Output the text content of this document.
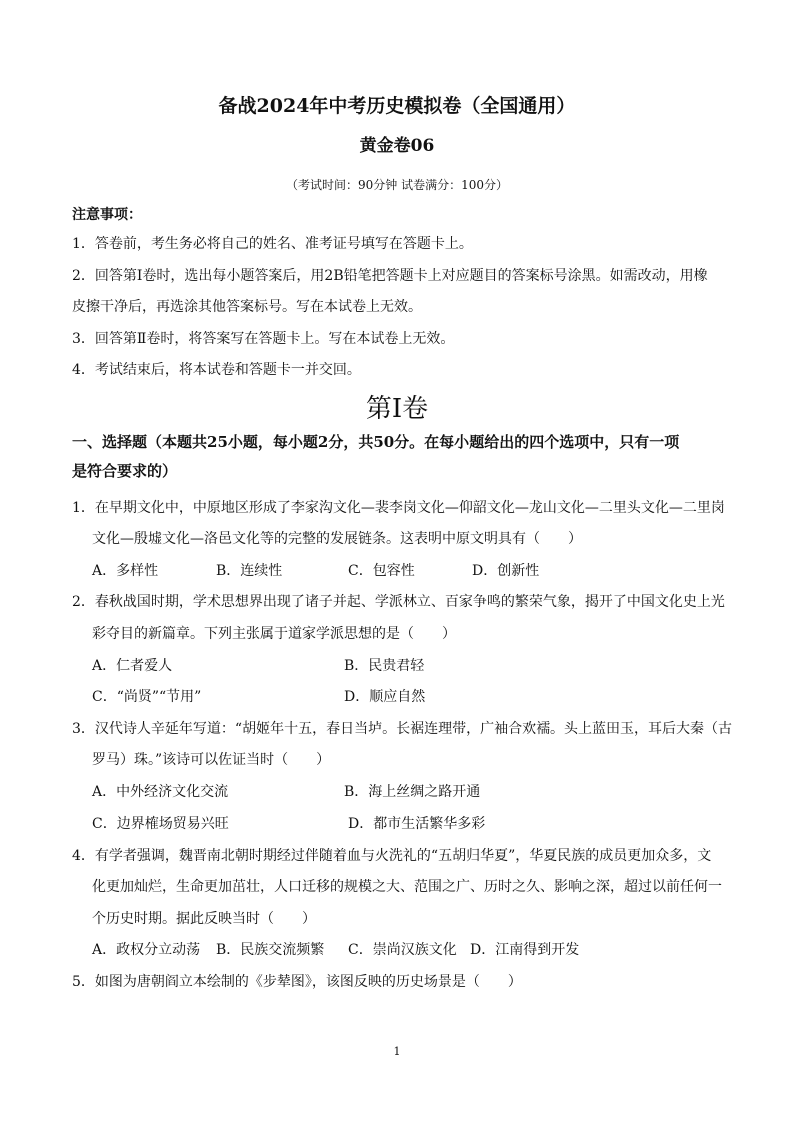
备战2024年中考历史模拟卷（全国通用）
黄金卷06
（考试时间：90分钟 试卷满分：100分）
注意事项：
1．答卷前，考生务必将自己的姓名、准考证号填写在答题卡上。
2．回答第Ⅰ卷时，选出每小题答案后，用2B铅笔把答题卡上对应题目的答案标号涂黑。如需改动，用橡
皮擦干净后，再选涂其他答案标号。写在本试卷上无效。
3．回答第Ⅱ卷时，将答案写在答题卡上。写在本试卷上无效。
4．考试结束后，将本试卷和答题卡一并交回。
第Ⅰ卷
一、选择题（本题共25小题，每小题2分，共50分。在每小题给出的四个选项中，只有一项
是符合要求的）
1．在早期文化中，中原地区形成了李家沟文化—裴李岗文化—仰韶文化—龙山文化—二里头文化—二里岗
文化—殷墟文化—洛邑文化等的完整的发展链条。这表明中原文明具有（　　）
A．多样性	B．连续性	C．包容性	D．创新性
2．春秋战国时期，学术思想界出现了诸子并起、学派林立、百家争鸣的繁荣气象，揭开了中国文化史上光
彩夺目的新篇章。下列主张属于道家学派思想的是（　　）
A．仁者爱人	B．民贵君轻
C．“尚贤”“节用”	D．顺应自然
3．汉代诗人辛延年写道：“胡姬年十五，春日当垆。长裾连理带，广袖合欢襦。头上蓝田玉，耳后大秦（古
罗马）珠。”该诗可以佐证当时（　　）
A．中外经济文化交流	B．海上丝绸之路开通
C．边界榷场贸易兴旺	D．都市生活繁华多彩
4．有学者强调，魏晋南北朝时期经过伴随着血与火洗礼的“五胡归华夏”，华夏民族的成员更加众多，文
化更加灿烂，生命更加茁壮，人口迁移的规模之大、范围之广、历时之久、影响之深，超过以前任何一
个历史时期。据此反映当时（　　）
A．政权分立动荡 B．民族交流频繁 C．崇尚汉族文化 D．江南得到开发
5．如图为唐朝阎立本绘制的《步辇图》，该图反映的历史场景是（　　）
1
